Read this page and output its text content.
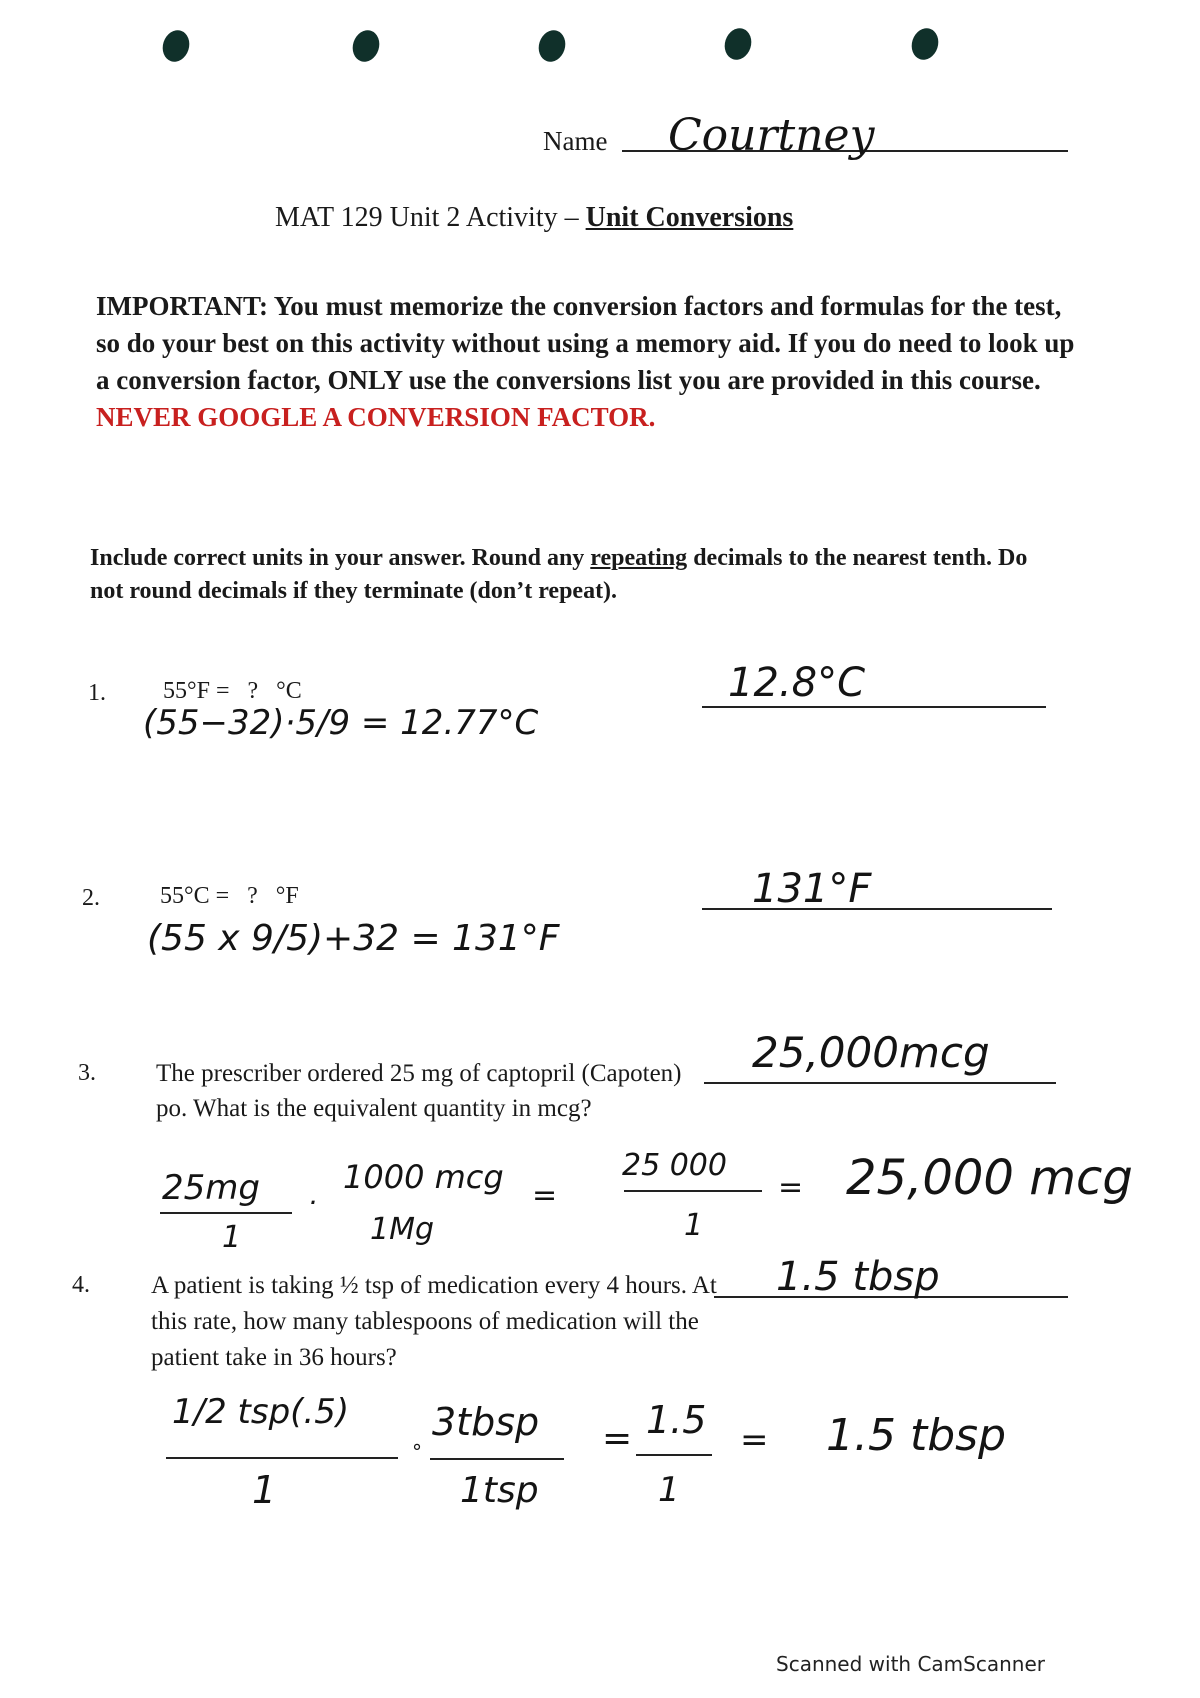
Name Courtney
MAT 129 Unit 2 Activity – Unit Conversions
IMPORTANT: You must memorize the conversion factors and formulas for the test, so do your best on this activity without using a memory aid. If you do need to look up a conversion factor, ONLY use the conversions list you are provided in this course. NEVER GOOGLE A CONVERSION FACTOR.
Include correct units in your answer. Round any repeating decimals to the nearest tenth. Do not round decimals if they terminate (don’t repeat).
1. 55°F =   ?   °C
(55−32)·5/9 = 12.77°C
12.8°C
2.	55°C =   ?   °F
(55 x 9/5)+32 = 131°F
131°F
3. The prescriber ordered 25 mg of captopril (Capoten) po. What is the equivalent quantity in mcg?
25,000mcg
25mg
1
·
1000 mcg
1Mg
=
25 000
1
= 25,000 mcg
4. A patient is taking ½ tsp of medication every 4 hours. At this rate, how many tablespoons of medication will the patient take in 36 hours?
1.5 tbsp
1/2 tsp(.5)
1
°
3tbsp
1tsp
= 1.5
1
= 1.5 tbsp
Scanned with CamScanner
